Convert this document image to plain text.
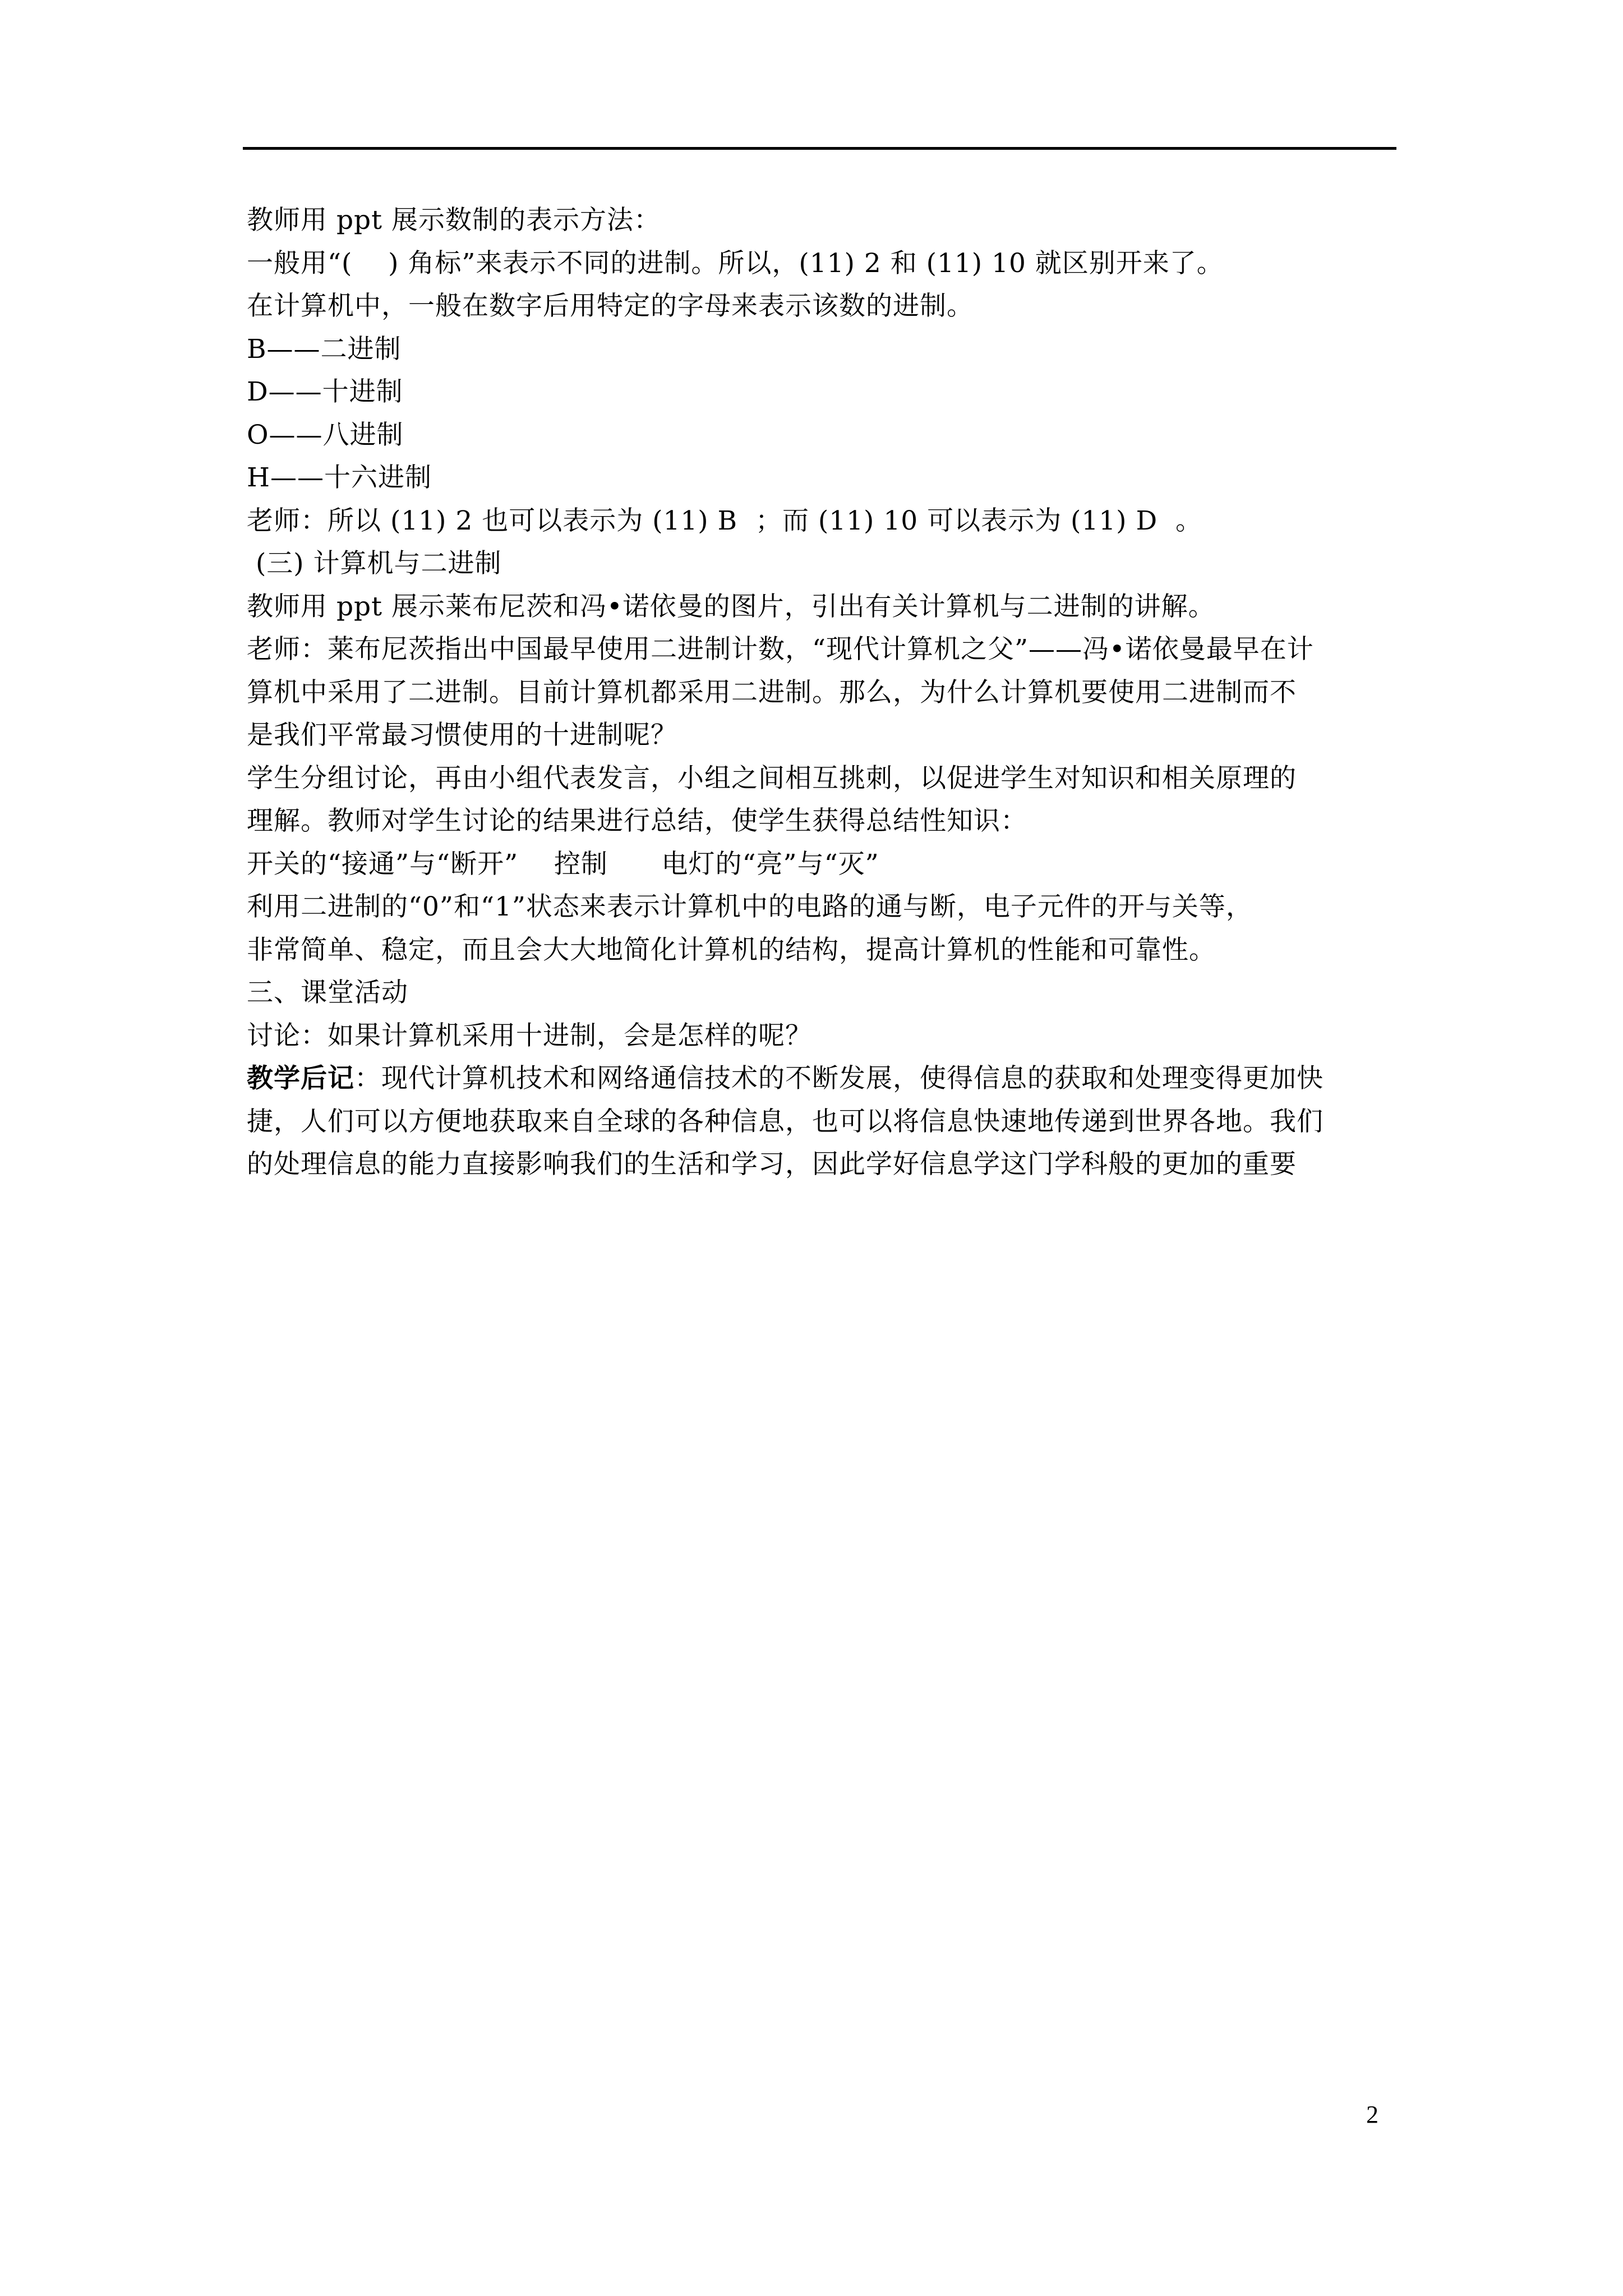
教师用 ppt 展示数制的表示方法：
一般用“(    ) 角标”来表示不同的进制。所以，(11) 2 和 (11) 10 就区别开来了。
在计算机中，一般在数字后用特定的字母来表示该数的进制。
B——二进制
D——十进制
O——八进制
H——十六进制
老师：所以 (11) 2 也可以表示为 (11) B  ；而 (11) 10 可以表示为 (11) D  。
(三) 计算机与二进制
教师用 ppt 展示莱布尼茨和冯•诺依曼的图片，引出有关计算机与二进制的讲解。
老师：莱布尼茨指出中国最早使用二进制计数，“现代计算机之父”——冯•诺依曼最早在计
算机中采用了二进制。目前计算机都采用二进制。那么，为什么计算机要使用二进制而不
是我们平常最习惯使用的十进制呢？
学生分组讨论，再由小组代表发言，小组之间相互挑刺，以促进学生对知识和相关原理的
理解。教师对学生讨论的结果进行总结，使学生获得总结性知识：
开关的“接通”与“断开”    控制      电灯的“亮”与“灭”
利用二进制的“0”和“1”状态来表示计算机中的电路的通与断，电子元件的开与关等，
非常简单、稳定，而且会大大地简化计算机的结构，提高计算机的性能和可靠性。
三、课堂活动
讨论：如果计算机采用十进制，会是怎样的呢？
教学后记：现代计算机技术和网络通信技术的不断发展，使得信息的获取和处理变得更加快
捷，人们可以方便地获取来自全球的各种信息，也可以将信息快速地传递到世界各地。我们
的处理信息的能力直接影响我们的生活和学习，因此学好信息学这门学科般的更加的重要
2
